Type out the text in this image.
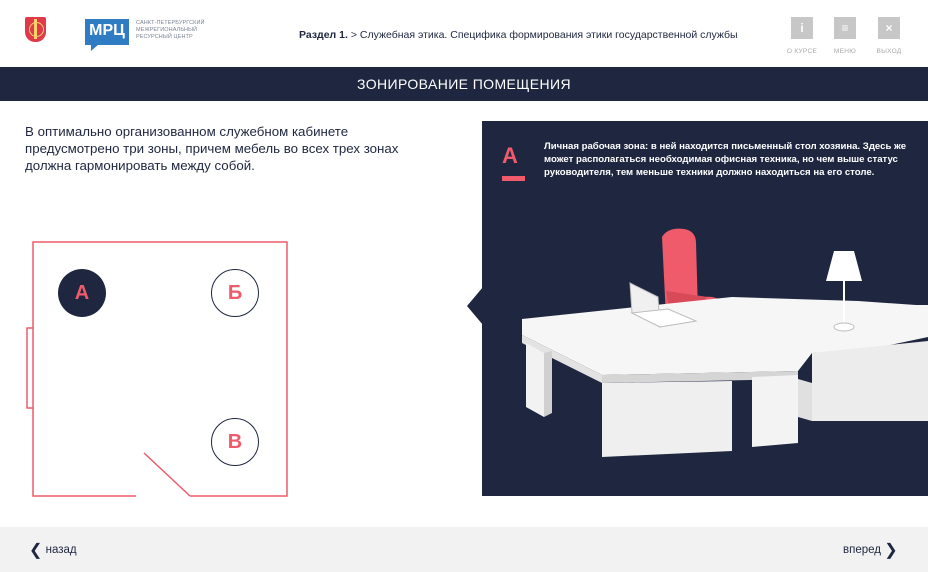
МРЦ	САНКТ-ПЕТЕРБУРГСКИЙ
МЕЖРЕГИОНАЛЬНЫЙ
РЕСУРСНЫЙ ЦЕНТР	Раздел 1. > Служебная этика. Специфика формирования этики государственной службы	i
О КУРСЕ
≡
МЕНЮ
×
ВЫХОД
ЗОНИРОВАНИЕ ПОМЕЩЕНИЯ
В оптимально организованном служебном кабинете предусмотрено три зоны, причем мебель во всех трех зонах должна гармонировать между собой.
А	Б
В
А	Личная рабочая зона: в ней находится письменный стол хозяина. Здесь же может располагаться необходимая офисная техника, но чем выше статус руководителя, тем меньше техники должно находиться на его столе.
❮ назад	вперед ❯
